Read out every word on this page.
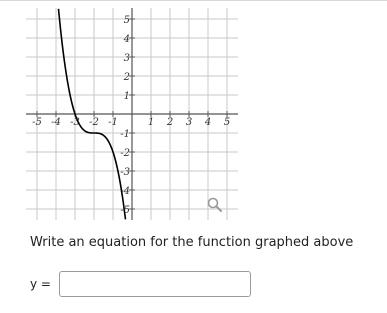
-5 -4 -3 -2 -1	1 2 3 4 5
5
4
3
2
1
-1
-2
-3
-4
-5
Write an equation for the function graphed above
y =
